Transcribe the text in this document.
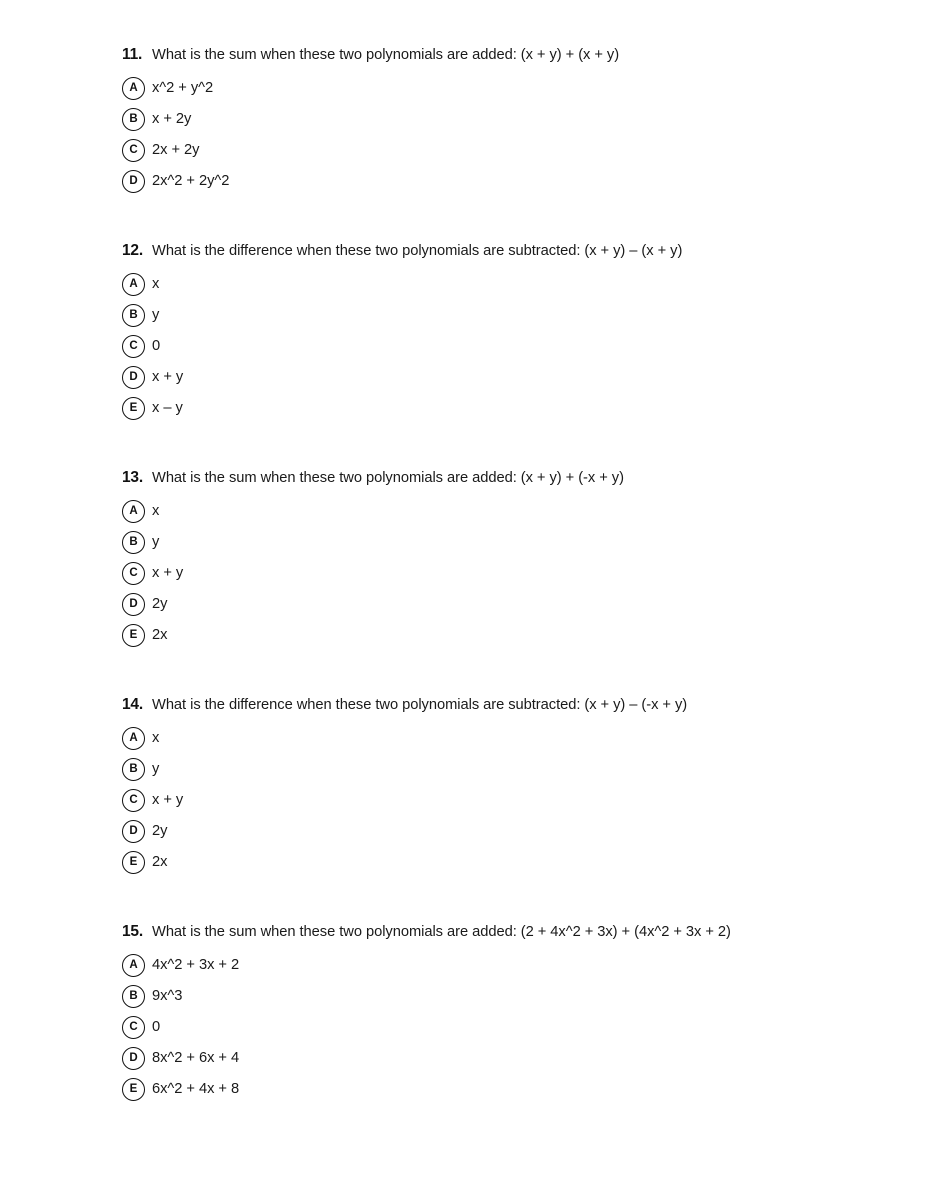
11. What is the sum when these two polynomials are added: (x + y) + (x + y)
A x^2 + y^2
B x + 2y
C 2x + 2y
D 2x^2 + 2y^2
12. What is the difference when these two polynomials are subtracted: (x + y) – (x + y)
A x
B y
C 0
D x + y
E x – y
13. What is the sum when these two polynomials are added: (x + y) + (-x + y)
A x
B y
C x + y
D 2y
E 2x
14. What is the difference when these two polynomials are subtracted: (x + y) – (-x + y)
A x
B y
C x + y
D 2y
E 2x
15. What is the sum when these two polynomials are added: (2 + 4x^2 + 3x) + (4x^2 + 3x + 2)
A 4x^2 + 3x + 2
B 9x^3
C 0
D 8x^2 + 6x + 4
E 6x^2 + 4x + 8
